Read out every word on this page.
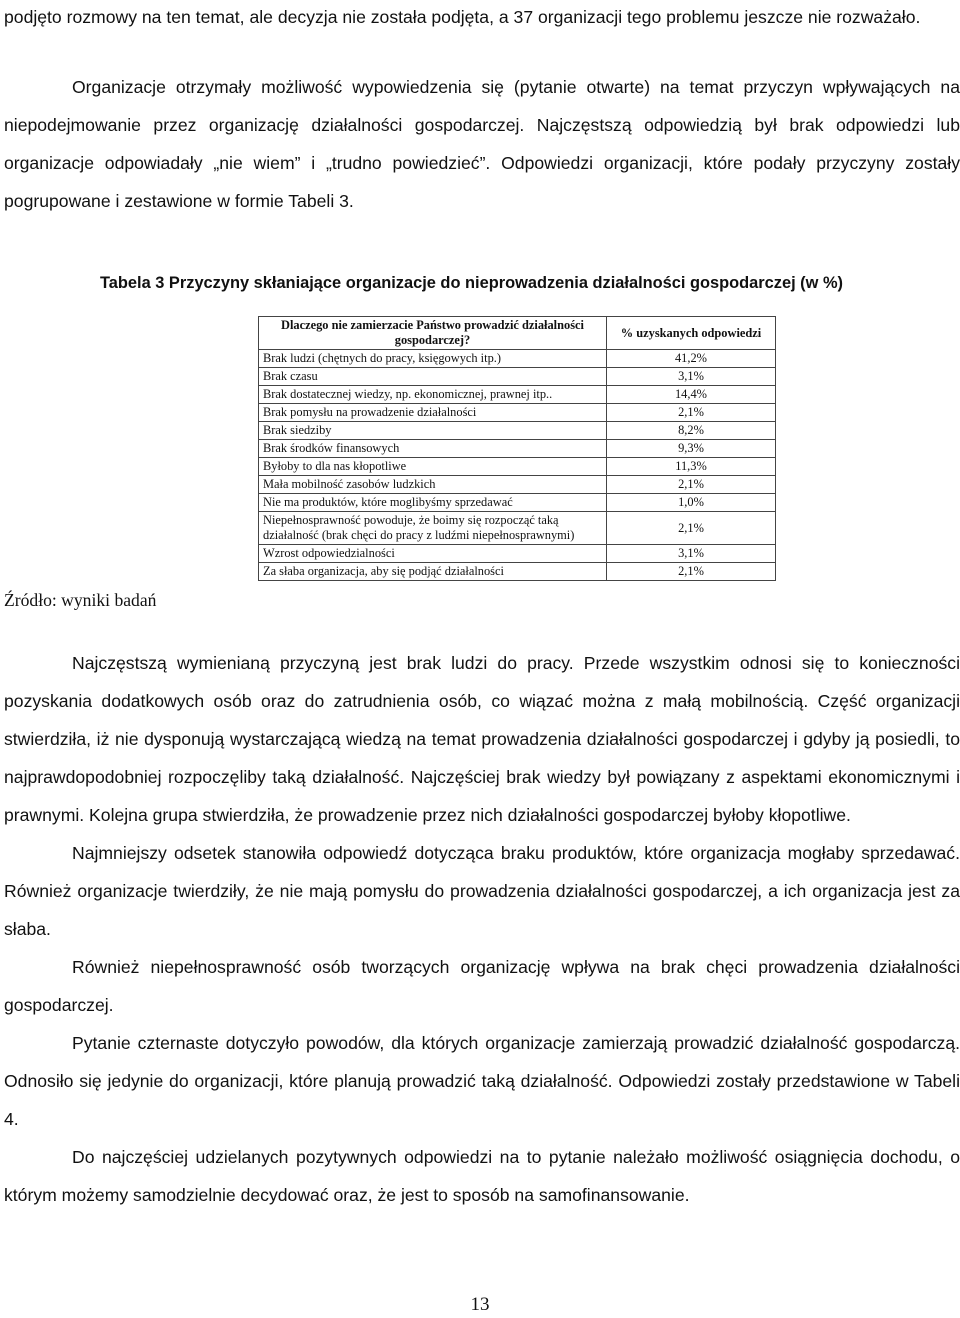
podjęto rozmowy na ten temat, ale decyzja nie została podjęta, a 37 organizacji tego problemu jeszcze nie rozważało.

Organizacje otrzymały możliwość wypowiedzenia się (pytanie otwarte) na temat przyczyn wpływających na niepodejmowanie przez organizację działalności gospodarczej. Najczęstszą odpowiedzią był brak odpowiedzi lub organizacje odpowiadały „nie wiem” i „trudno powiedzieć”. Odpowiedzi organizacji, które podały przyczyny zostały pogrupowane i zestawione w formie Tabeli 3.

Tabela 3 Przyczyny skłaniające organizacje do nieprowadzenia działalności gospodarczej (w %)
Dlaczego nie zamierzacie Państwo prowadzić działalności gospodarczej?	% uzyskanych odpowiedzi
Brak ludzi (chętnych do pracy, księgowych itp.)	41,2%
Brak czasu	3,1%
Brak dostatecznej wiedzy, np. ekonomicznej, prawnej itp..	14,4%
Brak pomysłu na prowadzenie działalności	2,1%
Brak siedziby	8,2%
Brak środków finansowych	9,3%
Byłoby to dla nas kłopotliwe	11,3%
Mała mobilność zasobów ludzkich	2,1%
Nie ma produktów, które moglibyśmy sprzedawać	1,0%
Niepełnosprawność powoduje, że boimy się rozpocząć taką działalność (brak chęci do pracy z ludźmi niepełnosprawnymi)	2,1%
Wzrost odpowiedzialności	3,1%
Za słaba organizacja, aby się podjąć działalności	2,1%
Źródło: wyniki badań

Najczęstszą wymienianą przyczyną jest brak ludzi do pracy. Przede wszystkim odnosi się to konieczności pozyskania dodatkowych osób oraz do zatrudnienia osób, co wiązać można z małą mobilnością. Część organizacji stwierdziła, iż nie dysponują wystarczającą wiedzą na temat prowadzenia działalności gospodarczej i gdyby ją posiedli, to najprawdopodobniej rozpoczęliby taką działalność. Najczęściej brak wiedzy był powiązany z aspektami ekonomicznymi i prawnymi. Kolejna grupa stwierdziła, że prowadzenie przez nich działalności gospodarczej byłoby kłopotliwe.

Najmniejszy odsetek stanowiła odpowiedź dotycząca braku produktów, które organizacja mogłaby sprzedawać. Również organizacje twierdziły, że nie mają pomysłu do prowadzenia działalności gospodarczej, a ich organizacja jest za słaba.

Również niepełnosprawność osób tworzących organizację wpływa na brak chęci prowadzenia działalności gospodarczej.

Pytanie czternaste dotyczyło powodów, dla których organizacje zamierzają prowadzić działalność gospodarczą. Odnosiło się jedynie do organizacji, które planują prowadzić taką działalność. Odpowiedzi zostały przedstawione w Tabeli 4.

Do najczęściej udzielanych pozytywnych odpowiedzi na to pytanie należało możliwość osiągnięcia dochodu, o którym możemy samodzielnie decydować oraz, że jest to sposób na samofinansowanie.

13
